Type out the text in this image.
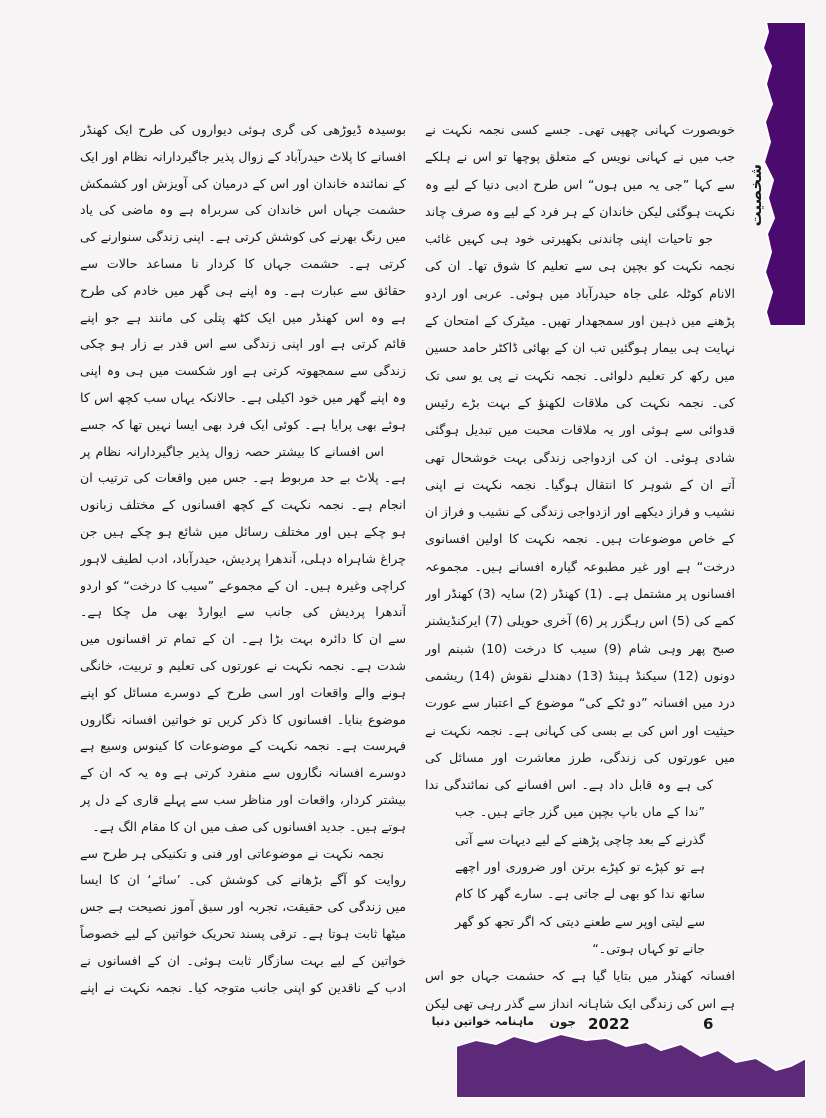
شخصیت
خوبصورت کہانی چھپی تھی۔ جسے کسی نجمہ نکہت نے
جب میں نے کہانی نویس کے متعلق پوچھا تو اس نے ہلکے
سے کہا ”جی یہ میں ہوں“ اس طرح ادبی دنیا کے لیے وہ
نکہت ہوگئی لیکن خاندان کے ہر فرد کے لیے وہ صرف چاند
جو تاحیات اپنی چاندنی بکھیرتی خود ہی کہیں غائب
نجمہ نکہت کو بچپن ہی سے تعلیم کا شوق تھا۔ ان کی
الانام کوٹلہ علی جاہ حیدرآباد میں ہوئی۔ عربی اور اردو
پڑھنے میں ذہین اور سمجھدار تھیں۔ میٹرک کے امتحان کے
نہایت ہی بیمار ہوگئیں تب ان کے بھائی ڈاکٹر حامد حسین
میں رکھ کر تعلیم دلوائی۔ نجمہ نکہت نے پی یو سی تک
کی۔ نجمہ نکہت کی ملاقات لکھنؤ کے بہت بڑے رئیس
قدوائی سے ہوئی اور یہ ملاقات محبت میں تبدیل ہوگئی
شادی ہوئی۔ ان کی ازدواجی زندگی بہت خوشحال تھی
آتے ان کے شوہر کا انتقال ہوگیا۔ نجمہ نکہت نے اپنی
نشیب و فراز دیکھے اور ازدواجی زندگی کے نشیب و فراز ان
کے خاص موضوعات ہیں۔ نجمہ نکہت کا اولین افسانوی
درخت“ ہے اور غیر مطبوعہ گیارہ افسانے ہیں۔ مجموعہ
افسانوں پر مشتمل ہے۔ (1) کھنڈر (2) سایہ (3) کھنڈر اور
کمے کی (5) اس رہگزر پر (6) آخری حویلی (7) ایرکنڈیشنر
صبح پھر وہی شام (9) سیب کا درخت (10) شبنم اور
دونوں (12) سیکنڈ ہینڈ (13) دھندلے نقوش (14) ریشمی
درد میں افسانہ ”دو ٹکے کی“ موضوع کے اعتبار سے عورت
حیثیت اور اس کی بے بسی کی کہانی ہے۔ نجمہ نکہت نے
میں عورتوں کی زندگی، طرز معاشرت اور مسائل کی
کی ہے وہ قابل داد ہے۔ اس افسانے کی نمائندگی ندا
”ندا کے ماں باپ بچپن میں گزر جاتے ہیں۔ جب
گذرنے کے بعد چاچی پڑھنے کے لیے دیہات سے آتی
ہے تو کپڑے تو کپڑے برتن اور ضروری اور اچھے
ساتھ ندا کو بھی لے جاتی ہے۔ سارے گھر کا کام
سے لیتی اوپر سے طعنے دیتی کہ اگر تجھ کو گھر
جانے تو کہاں ہوتی۔“
افسانہ کھنڈر میں بتایا گیا ہے کہ حشمت جہاں جو اس
ہے اس کی زندگی ایک شاہانہ انداز سے گذر رہی تھی لیکن
بوسیدہ ڈیوڑھی کی گری ہوئی دیواروں کی طرح ایک کھنڈر
افسانے کا پلاٹ حیدرآباد کے زوال پذیر جاگیردارانہ نظام اور ایک
کے نمائندہ خاندان اور اس کے درمیان کی آویزش اور کشمکش
حشمت جہاں اس خاندان کی سربراہ ہے وہ ماضی کی یاد
میں رنگ بھرنے کی کوشش کرتی ہے۔ اپنی زندگی سنوارنے کی
کرتی ہے۔ حشمت جہاں کا کردار نا مساعد حالات سے
حقائق سے عبارت ہے۔ وہ اپنے ہی گھر میں خادم کی طرح
ہے وہ اس کھنڈر میں ایک کٹھ پتلی کی مانند ہے جو اپنے
قائم کرتی ہے اور اپنی زندگی سے اس قدر بے زار ہو چکی
زندگی سے سمجھوتہ کرتی ہے اور شکست میں ہی وہ اپنی
وہ اپنے گھر میں خود اکیلی ہے۔ حالانکہ یہاں سب کچھ اس کا
ہوئے بھی پرایا ہے۔ کوئی ایک فرد بھی ایسا نہیں تھا کہ جسے
اس افسانے کا بیشتر حصہ زوال پذیر جاگیردارانہ نظام پر
ہے۔ پلاٹ بے حد مربوط ہے۔ جس میں واقعات کی ترتیب ان
انجام ہے۔ نجمہ نکہت کے کچھ افسانوں کے مختلف زبانوں
ہو چکے ہیں اور مختلف رسائل میں شائع ہو چکے ہیں جن
چراغ شاہراہ دہلی، آندھرا پردیش، حیدرآباد، ادب لطیف لاہور
کراچی وغیرہ ہیں۔ ان کے مجموعے ”سیب کا درخت“ کو اردو
آندھرا پردیش کی جانب سے ایوارڈ بھی مل چکا ہے۔
سے ان کا دائرہ بہت بڑا ہے۔ ان کے تمام تر افسانوں میں
شدت ہے۔ نجمہ نکہت نے عورتوں کی تعلیم و تربیت، خانگی
ہونے والے واقعات اور اسی طرح کے دوسرے مسائل کو اپنے
موضوع بنایا۔ افسانوں کا ذکر کریں تو خواتین افسانہ نگاروں
فہرست ہے۔ نجمہ نکہت کے موضوعات کا کینوس وسیع ہے
دوسرے افسانہ نگاروں سے منفرد کرتی ہے وہ یہ کہ ان کے
بیشتر کردار، واقعات اور مناظر سب سے پہلے قاری کے دل پر
ہوتے ہیں۔ جدید افسانوں کی صف میں ان کا مقام الگ ہے۔
نجمہ نکہت نے موضوعاتی اور فنی و تکنیکی ہر طرح سے
روایت کو آگے بڑھانے کی کوشش کی۔ ’سائے‘ ان کا ایسا
میں زندگی کی حقیقت، تجربہ اور سبق آموز نصیحت ہے جس
میٹھا ثابت ہوتا ہے۔ ترقی پسند تحریک خواتین کے لیے خصوصاً
خواتین کے لیے بہت سازگار ثابت ہوئی۔ ان کے افسانوں نے
ادب کے ناقدین کو اپنی جانب متوجہ کیا۔ نجمہ نکہت نے اپنے
6
2022
جون
ماہنامہ خواتین دنیا
